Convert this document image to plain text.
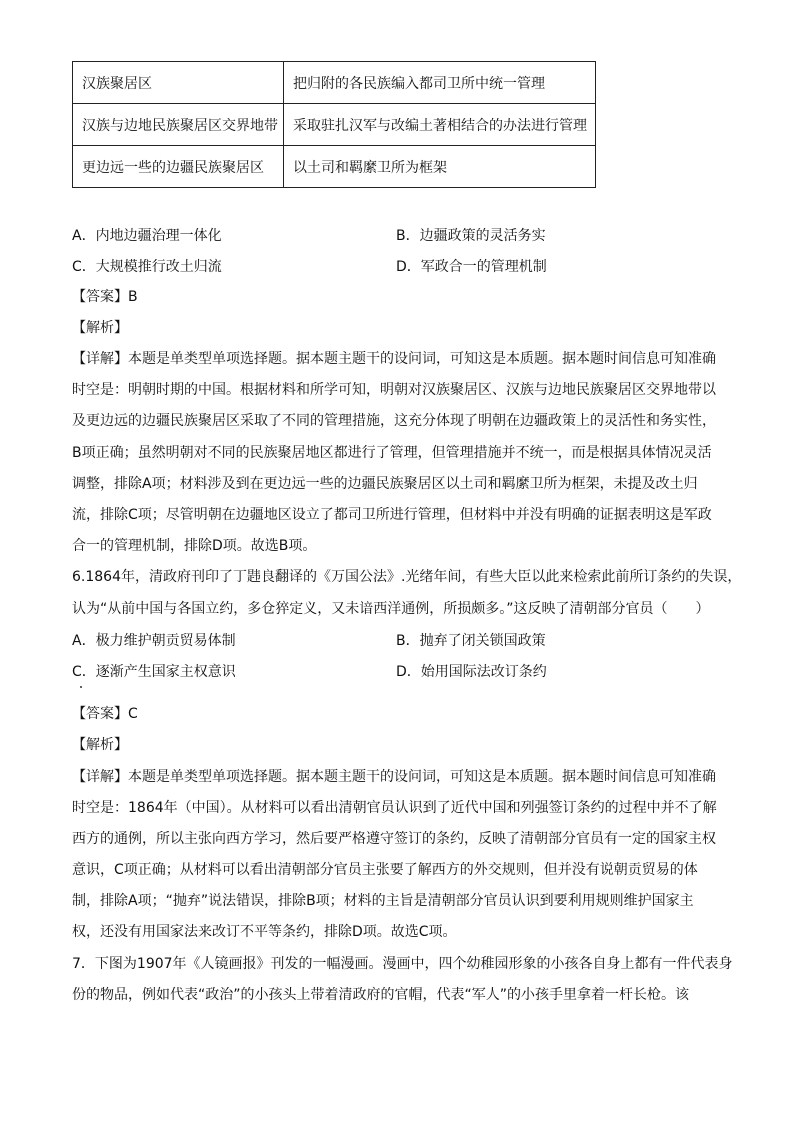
汉族聚居区	把归附的各民族编入都司卫所中统一管理
汉族与边地民族聚居区交界地带	采取驻扎汉军与改编土著相结合的办法进行管理
更边远一些的边疆民族聚居区	以土司和羁縻卫所为框架
A．内地边疆治理一体化	B．边疆政策的灵活务实
C．大规模推行改土归流	D．军政合一的管理机制
【答案】B
【解析】
【详解】本题是单类型单项选择题。据本题主题干的设问词，可知这是本质题。据本题时间信息可知准确
时空是：明朝时期的中国。根据材料和所学可知，明朝对汉族聚居区、汉族与边地民族聚居区交界地带以
及更边远的边疆民族聚居区采取了不同的管理措施，这充分体现了明朝在边疆政策上的灵活性和务实性，
B项正确；虽然明朝对不同的民族聚居地区都进行了管理，但管理措施并不统一，而是根据具体情况灵活
调整，排除A项；材料涉及到在更边远一些的边疆民族聚居区以土司和羁縻卫所为框架，未提及改土归
流，排除C项；尽管明朝在边疆地区设立了都司卫所进行管理，但材料中并没有明确的证据表明这是军政
合一的管理机制，排除D项。故选B项。
6.1864年，清政府刊印了丁韪良翻译的《万国公法》.光绪年间，有些大臣以此来检索此前所订条约的失误，
认为“从前中国与各国立约，多仓猝定义，又未谙西洋通例，所损颇多。”这反映了清朝部分官员（　　）
A．极力维护朝贡贸易体制	B．抛弃了闭关锁国政策
C．逐渐产生国家主权意识	D．始用国际法改订条约
【答案】C
【解析】
【详解】本题是单类型单项选择题。据本题主题干的设问词，可知这是本质题。据本题时间信息可知准确
时空是：1864年（中国）。从材料可以看出清朝官员认识到了近代中国和列强签订条约的过程中并不了解
西方的通例，所以主张向西方学习，然后要严格遵守签订的条约，反映了清朝部分官员有一定的国家主权
意识，C项正确；从材料可以看出清朝部分官员主张要了解西方的外交规则，但并没有说朝贡贸易的体
制，排除A项；“抛弃”说法错误，排除B项；材料的主旨是清朝部分官员认识到要利用规则维护国家主
权，还没有用国家法来改订不平等条约，排除D项。故选C项。
7．下图为1907年《人镜画报》刊发的一幅漫画。漫画中，四个幼稚园形象的小孩各自身上都有一件代表身
份的物品，例如代表“政治”的小孩头上带着清政府的官帽，代表“军人”的小孩手里拿着一杆长枪。该
